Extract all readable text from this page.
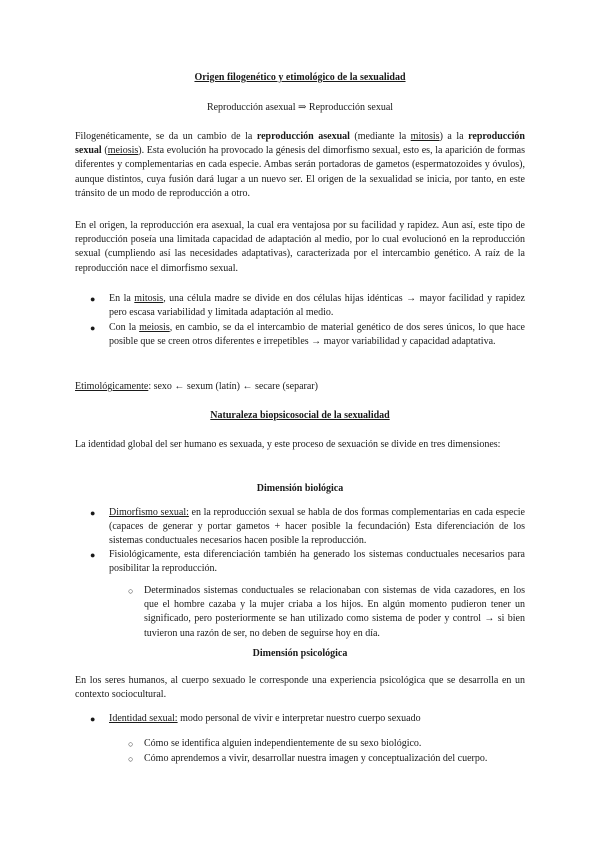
Origen filogenético y etimológico de la sexualidad

Reproducción asexual ⇒ Reproducción sexual

Filogenéticamente, se da un cambio de la reproducción asexual (mediante la mitosis) a la reproducción sexual (meiosis). Esta evolución ha provocado la génesis del dimorfismo sexual, esto es, la aparición de formas diferentes y complementarias en cada especie. Ambas serán portadoras de gametos (espermatozoides y óvulos), aunque distintos, cuya fusión dará lugar a un nuevo ser. El origen de la sexualidad se inicia, por tanto, en este tránsito de un modo de reproducción a otro.

En el origen, la reproducción era asexual, la cual era ventajosa por su facilidad y rapidez. Aun así, este tipo de reproducción poseía una limitada capacidad de adaptación al medio, por lo cual evolucionó en la reproducción sexual (cumpliendo así las necesidades adaptativas), caracterizada por el intercambio genético. A raíz de la reproducción nace el dimorfismo sexual.

● En la mitosis, una célula madre se divide en dos células hijas idénticas → mayor facilidad y rapidez pero escasa variabilidad y limitada adaptación al medio.

● Con la meiosis, en cambio, se da el intercambio de material genético de dos seres únicos, lo que hace posible que se creen otros diferentes e irrepetibles → mayor variabilidad y capacidad adaptativa.

Etimológicamente: sexo ← sexum (latín) ← secare (separar)

Naturaleza biopsicosocial de la sexualidad

La identidad global del ser humano es sexuada, y este proceso de sexuación se divide en tres dimensiones:

Dimensión biológica

● Dimorfismo sexual: en la reproducción sexual se habla de dos formas complementarias en cada especie (capaces de generar y portar gametos + hacer posible la fecundación) Esta diferenciación de los sistemas conductuales necesarios hacen posible la reproducción.

● Fisiológicamente, esta diferenciación también ha generado los sistemas conductuales necesarios para posibilitar la reproducción.

○ Determinados sistemas conductuales se relacionaban con sistemas de vida cazadores, en los que el hombre cazaba y la mujer criaba a los hijos. En algún momento pudieron tener un significado, pero posteriormente se han utilizado como sistema de poder y control → si bien tuvieron una razón de ser, no deben de seguirse hoy en día.

Dimensión psicológica

En los seres humanos, al cuerpo sexuado le corresponde una experiencia psicológica que se desarrolla en un contexto sociocultural.

● Identidad sexual: modo personal de vivir e interpretar nuestro cuerpo sexuado

○ Cómo se identifica alguien independientemente de su sexo biológico.

○ Cómo aprendemos a vivir, desarrollar nuestra imagen y conceptualización del cuerpo.
